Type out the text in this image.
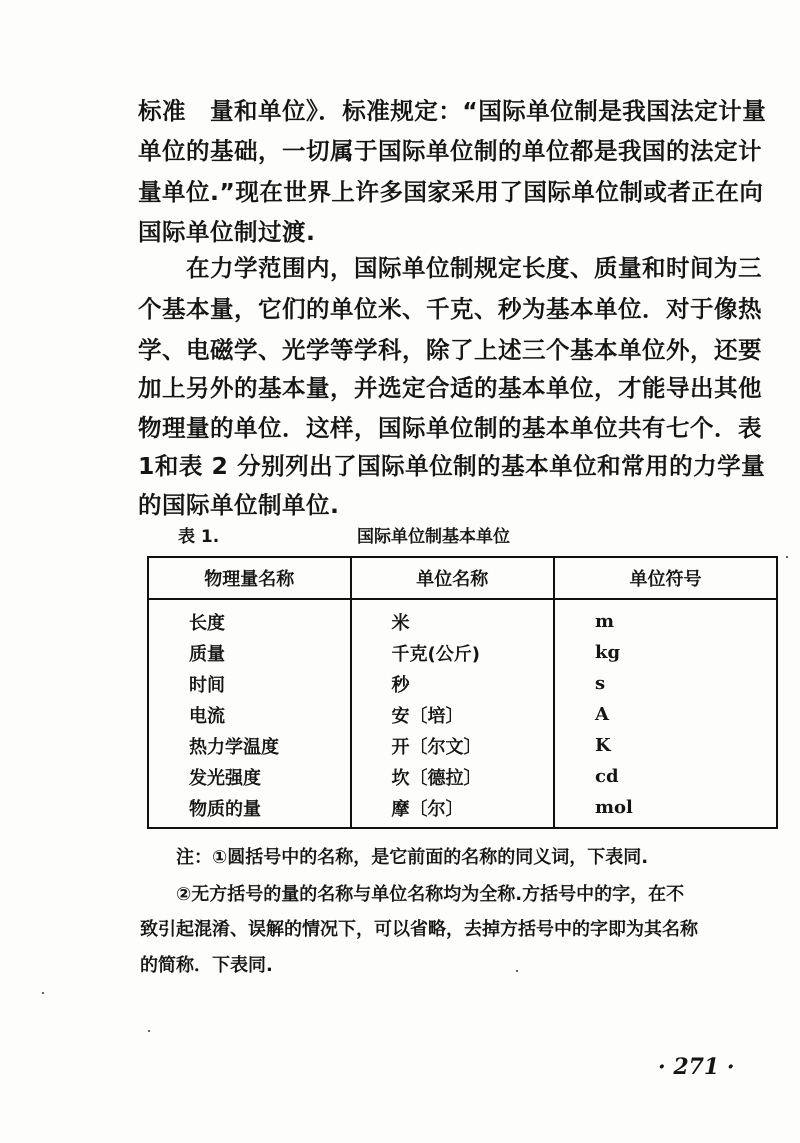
标准　量和单位》．标准规定：“国际单位制是我国法定计量
单位的基础，一切属于国际单位制的单位都是我国的法定计
量单位.”现在世界上许多国家采用了国际单位制或者正在向
国际单位制过渡.
　　在力学范围内，国际单位制规定长度、质量和时间为三
个基本量，它们的单位米、千克、秒为基本单位．对于像热
学、电磁学、光学等学科，除了上述三个基本单位外，还要
加上另外的基本量，并选定合适的基本单位，才能导出其他
物理量的单位．这样，国际单位制的基本单位共有七个．表
1和表 2 分别列出了国际单位制的基本单位和常用的力学量
的国际单位制单位.
表 1.	国际单位制基本单位
物理量名称	单位名称	单位符号
长度	米	m
质量	千克(公斤)	kg
时间	秒	s
电流	安〔培〕	A
热力学温度	开〔尔文〕	K
发光强度	坎〔德拉〕	cd
物质的量	摩〔尔〕	mol
注：①圆括号中的名称，是它前面的名称的同义词，下表同.
②无方括号的量的名称与单位名称均为全称.方括号中的字，在不
致引起混淆、误解的情况下，可以省略，去掉方括号中的字即为其名称
的简称．下表同.
· 271 ·
